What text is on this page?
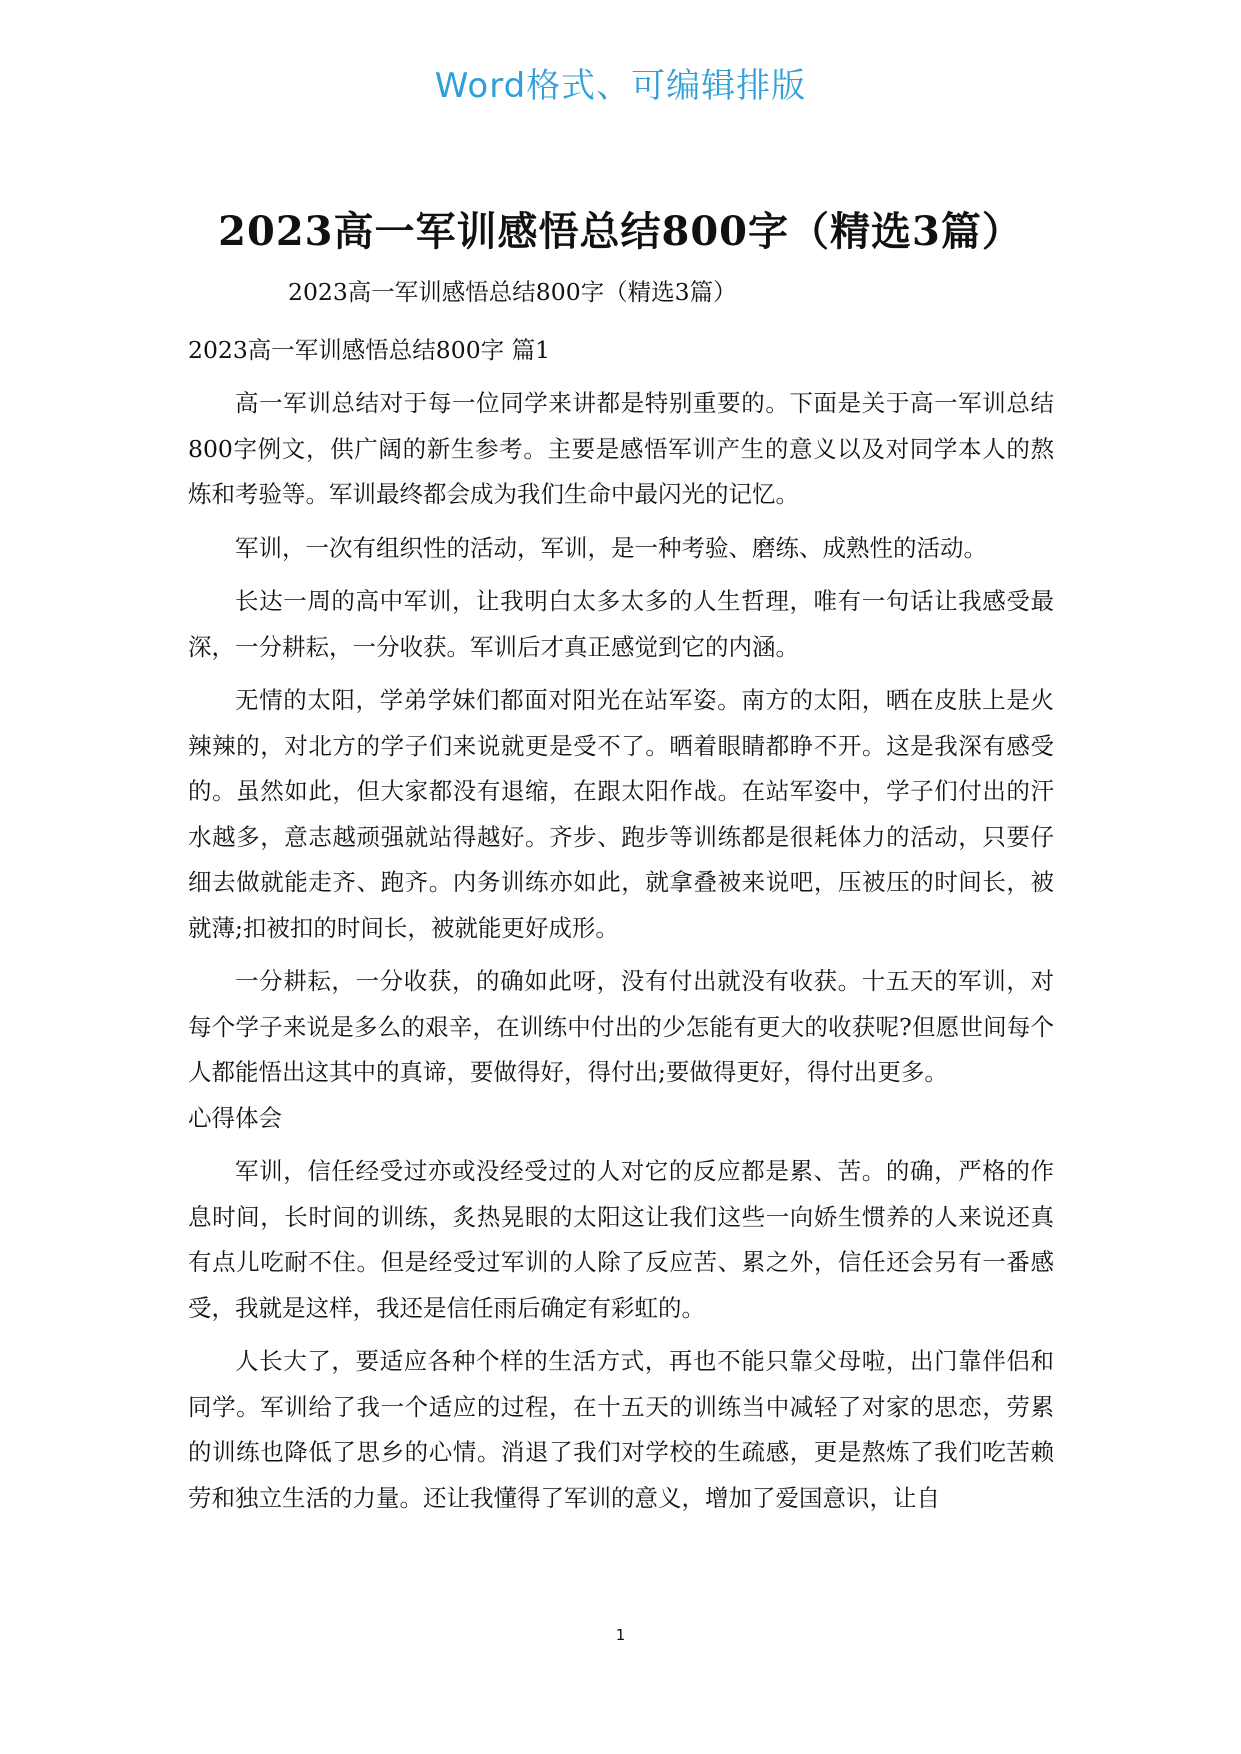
Word格式、可编辑排版
2023高一军训感悟总结800字（精选3篇）

2023高一军训感悟总结800字（精选3篇）

2023高一军训感悟总结800字 篇1

高一军训总结对于每一位同学来讲都是特别重要的。下面是关于高一军训总结800字例文，供广阔的新生参考。主要是感悟军训产生的意义以及对同学本人的熬炼和考验等。军训最终都会成为我们生命中最闪光的记忆。

军训，一次有组织性的活动，军训，是一种考验、磨练、成熟性的活动。

长达一周的高中军训，让我明白太多太多的人生哲理，唯有一句话让我感受最深，一分耕耘，一分收获。军训后才真正感觉到它的内涵。

无情的太阳，学弟学妹们都面对阳光在站军姿。南方的太阳，晒在皮肤上是火辣辣的，对北方的学子们来说就更是受不了。晒着眼睛都睁不开。这是我深有感受的。虽然如此，但大家都没有退缩，在跟太阳作战。在站军姿中，学子们付出的汗水越多，意志越顽强就站得越好。齐步、跑步等训练都是很耗体力的活动，只要仔细去做就能走齐、跑齐。内务训练亦如此，就拿叠被来说吧，压被压的时间长，被就薄;扣被扣的时间长，被就能更好成形。

一分耕耘，一分收获，的确如此呀，没有付出就没有收获。十五天的军训，对每个学子来说是多么的艰辛，在训练中付出的少怎能有更大的收获呢?但愿世间每个人都能悟出这其中的真谛，要做得好，得付出;要做得更好，得付出更多。

心得体会

军训，信任经受过亦或没经受过的人对它的反应都是累、苦。的确，严格的作息时间，长时间的训练，炙热晃眼的太阳这让我们这些一向娇生惯养的人来说还真有点儿吃耐不住。但是经受过军训的人除了反应苦、累之外，信任还会另有一番感受，我就是这样，我还是信任雨后确定有彩虹的。

人长大了，要适应各种个样的生活方式，再也不能只靠父母啦，出门靠伴侣和同学。军训给了我一个适应的过程，在十五天的训练当中减轻了对家的思恋，劳累的训练也降低了思乡的心情。消退了我们对学校的生疏感，更是熬炼了我们吃苦赖劳和独立生活的力量。还让我懂得了军训的意义，增加了爱国意识，让自

1
